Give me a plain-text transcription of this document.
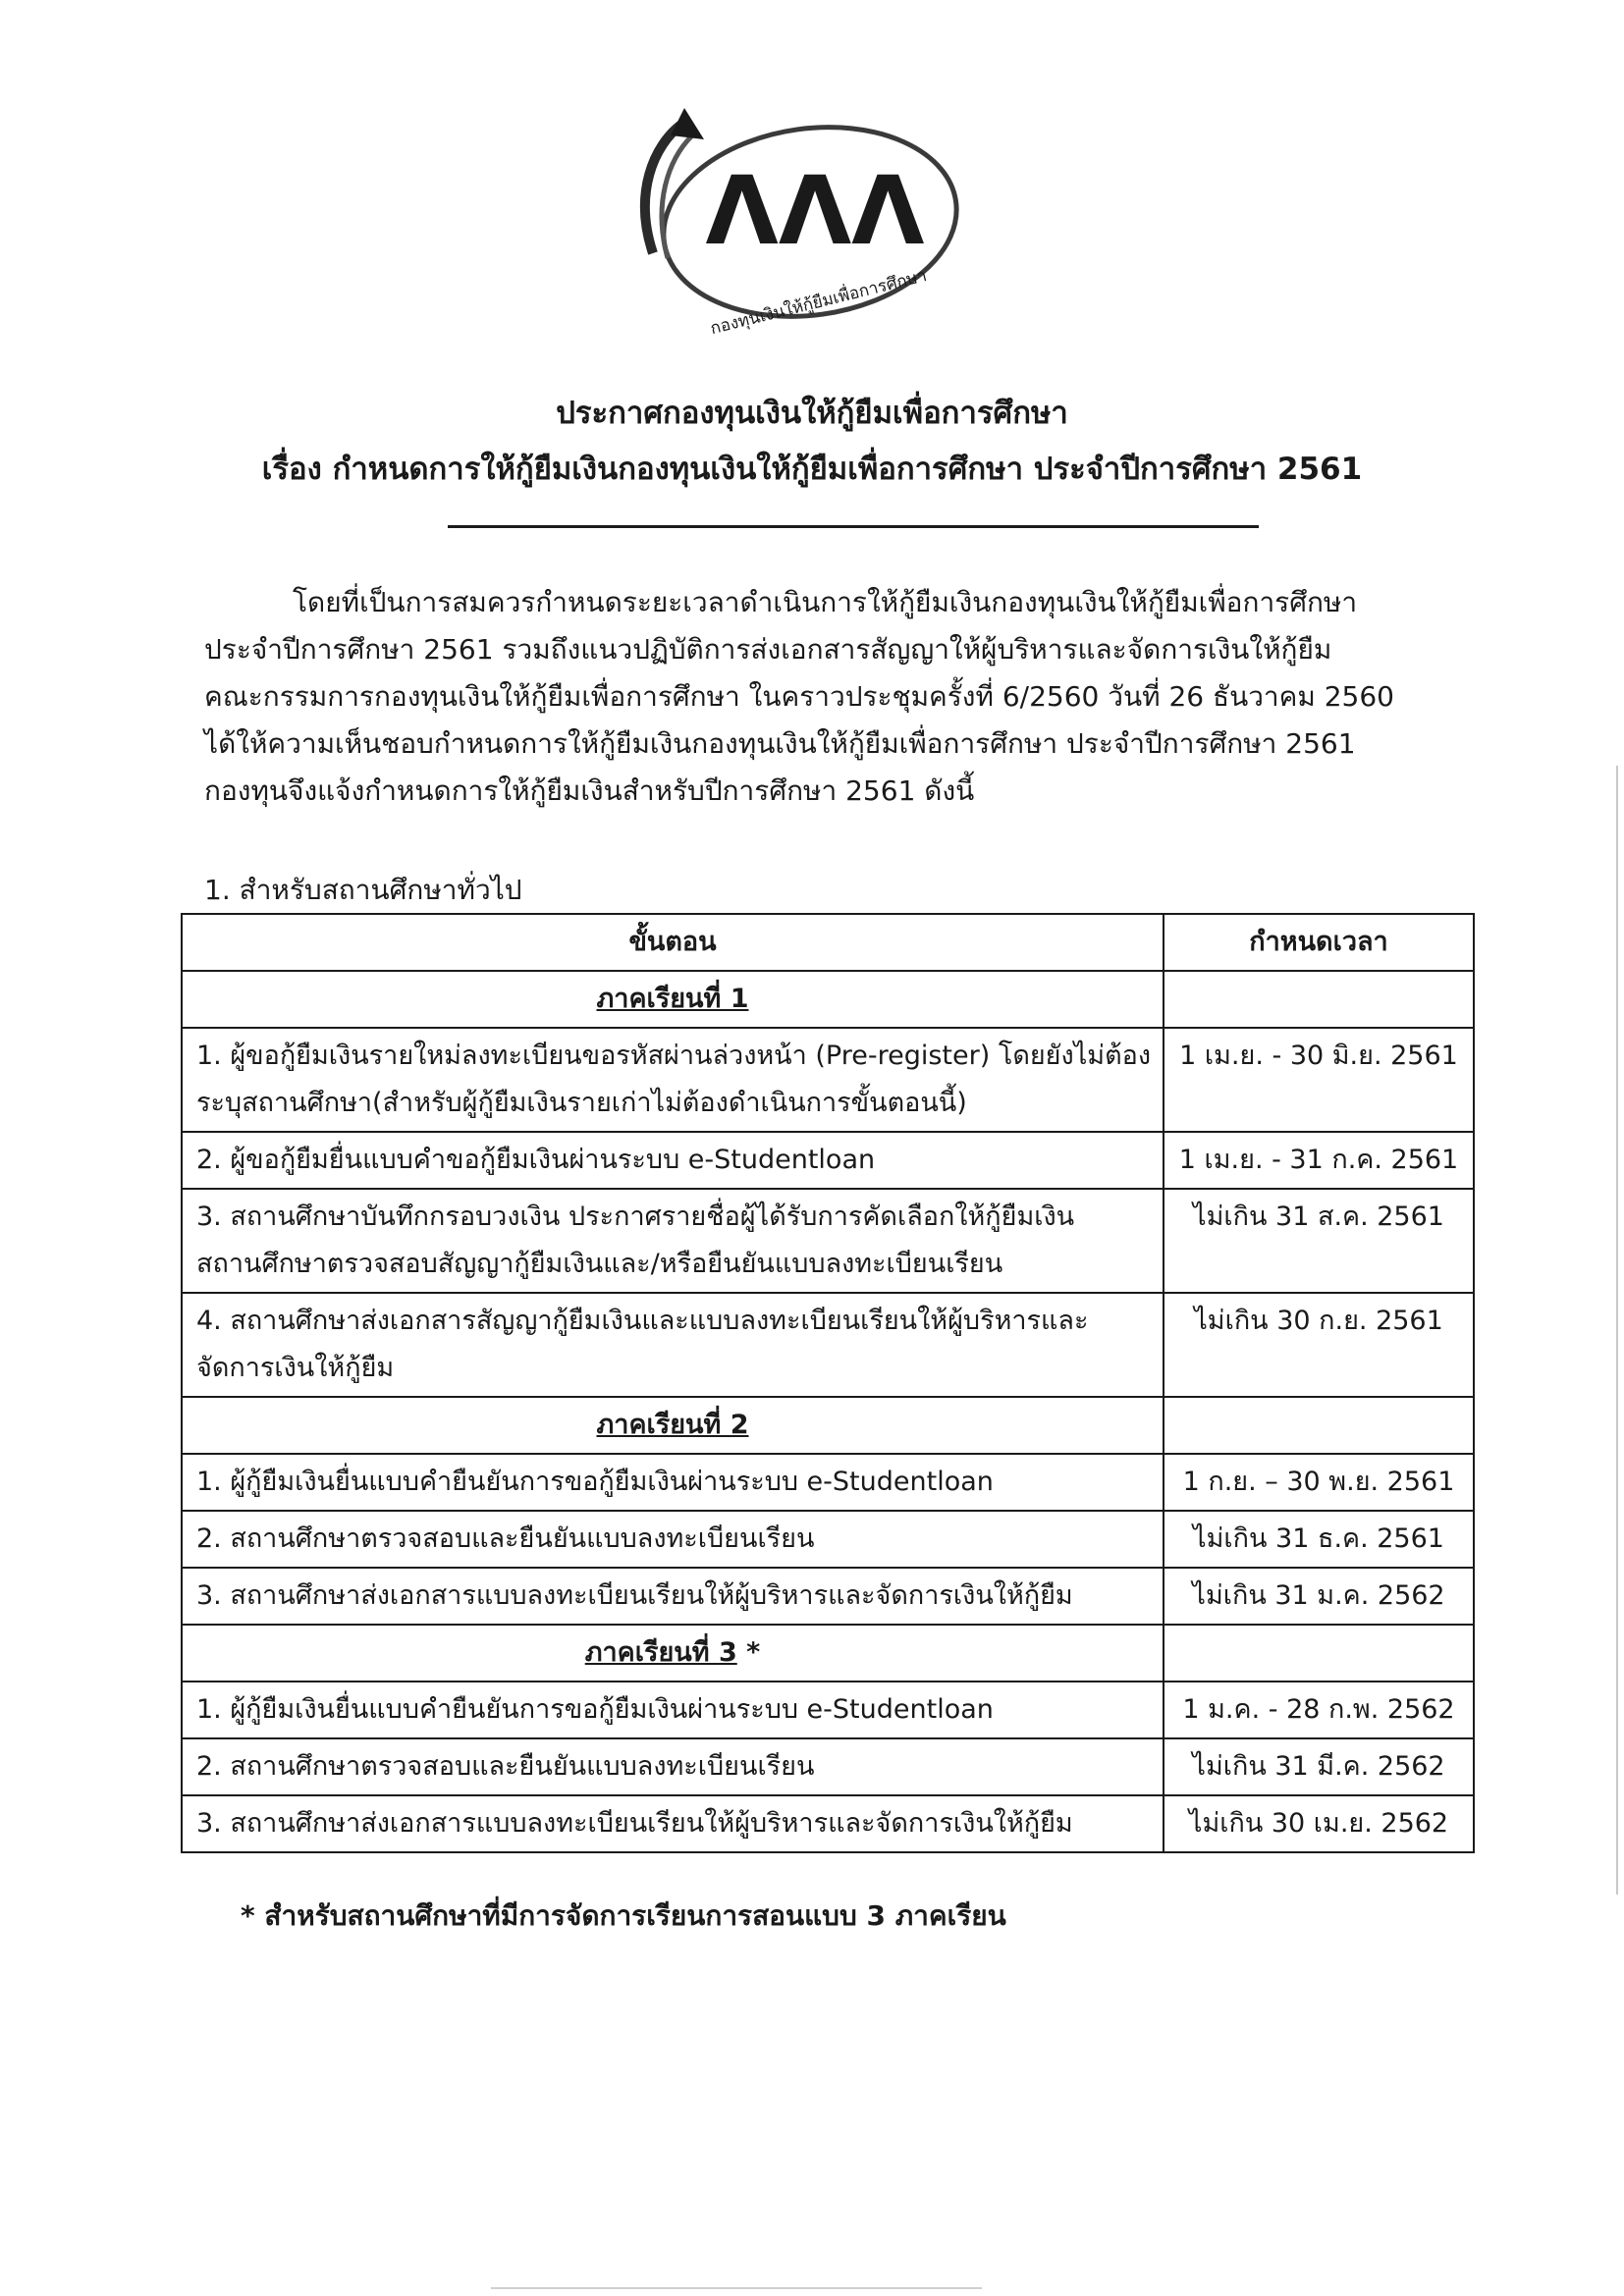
ΛΛΛ
กองทุนเงินให้กู้ยืมเพื่อการศึกษา
ประกาศกองทุนเงินให้กู้ยืมเพื่อการศึกษา
เรื่อง กำหนดการให้กู้ยืมเงินกองทุนเงินให้กู้ยืมเพื่อการศึกษา ประจำปีการศึกษา 2561

โดยที่เป็นการสมควรกำหนดระยะเวลาดำเนินการให้กู้ยืมเงินกองทุนเงินให้กู้ยืมเพื่อการศึกษา

ประจำปีการศึกษา 2561 รวมถึงแนวปฏิบัติการส่งเอกสารสัญญาให้ผู้บริหารและจัดการเงินให้กู้ยืม

คณะกรรมการกองทุนเงินให้กู้ยืมเพื่อการศึกษา ในคราวประชุมครั้งที่ 6/2560 วันที่ 26 ธันวาคม 2560

ได้ให้ความเห็นชอบกำหนดการให้กู้ยืมเงินกองทุนเงินให้กู้ยืมเพื่อการศึกษา ประจำปีการศึกษา 2561

กองทุนจึงแจ้งกำหนดการให้กู้ยืมเงินสำหรับปีการศึกษา 2561 ดังนี้

1. สำหรับสถานศึกษาทั่วไป
ขั้นตอน	กำหนดเวลา
ภาคเรียนที่ 1	

1. ผู้ขอกู้ยืมเงินรายใหม่ลงทะเบียนขอรหัสผ่านล่วงหน้า (Pre-register) โดยยังไม่ต้อง
ระบุสถานศึกษา(สำหรับผู้กู้ยืมเงินรายเก่าไม่ต้องดำเนินการขั้นตอนนี้)	1 เม.ย. - 30 มิ.ย. 2561

2. ผู้ขอกู้ยืมยื่นแบบคำขอกู้ยืมเงินผ่านระบบ e-Studentloan	1 เม.ย. - 31 ก.ค. 2561

3. สถานศึกษาบันทึกกรอบวงเงิน ประกาศรายชื่อผู้ได้รับการคัดเลือกให้กู้ยืมเงิน
สถานศึกษาตรวจสอบสัญญากู้ยืมเงินและ/หรือยืนยันแบบลงทะเบียนเรียน	ไม่เกิน 31 ส.ค. 2561

4. สถานศึกษาส่งเอกสารสัญญากู้ยืมเงินและแบบลงทะเบียนเรียนให้ผู้บริหารและ
จัดการเงินให้กู้ยืม	ไม่เกิน 30 ก.ย. 2561
ภาคเรียนที่ 2	

1. ผู้กู้ยืมเงินยื่นแบบคำยืนยันการขอกู้ยืมเงินผ่านระบบ e-Studentloan	1 ก.ย. – 30 พ.ย. 2561

2. สถานศึกษาตรวจสอบและยืนยันแบบลงทะเบียนเรียน	ไม่เกิน 31 ธ.ค. 2561

3. สถานศึกษาส่งเอกสารแบบลงทะเบียนเรียนให้ผู้บริหารและจัดการเงินให้กู้ยืม	ไม่เกิน 31 ม.ค. 2562
ภาคเรียนที่ 3 *	

1. ผู้กู้ยืมเงินยื่นแบบคำยืนยันการขอกู้ยืมเงินผ่านระบบ e-Studentloan	1 ม.ค. - 28 ก.พ. 2562

2. สถานศึกษาตรวจสอบและยืนยันแบบลงทะเบียนเรียน	ไม่เกิน 31 มี.ค. 2562

3. สถานศึกษาส่งเอกสารแบบลงทะเบียนเรียนให้ผู้บริหารและจัดการเงินให้กู้ยืม	ไม่เกิน 30 เม.ย. 2562
* สำหรับสถานศึกษาที่มีการจัดการเรียนการสอนแบบ 3 ภาคเรียน
